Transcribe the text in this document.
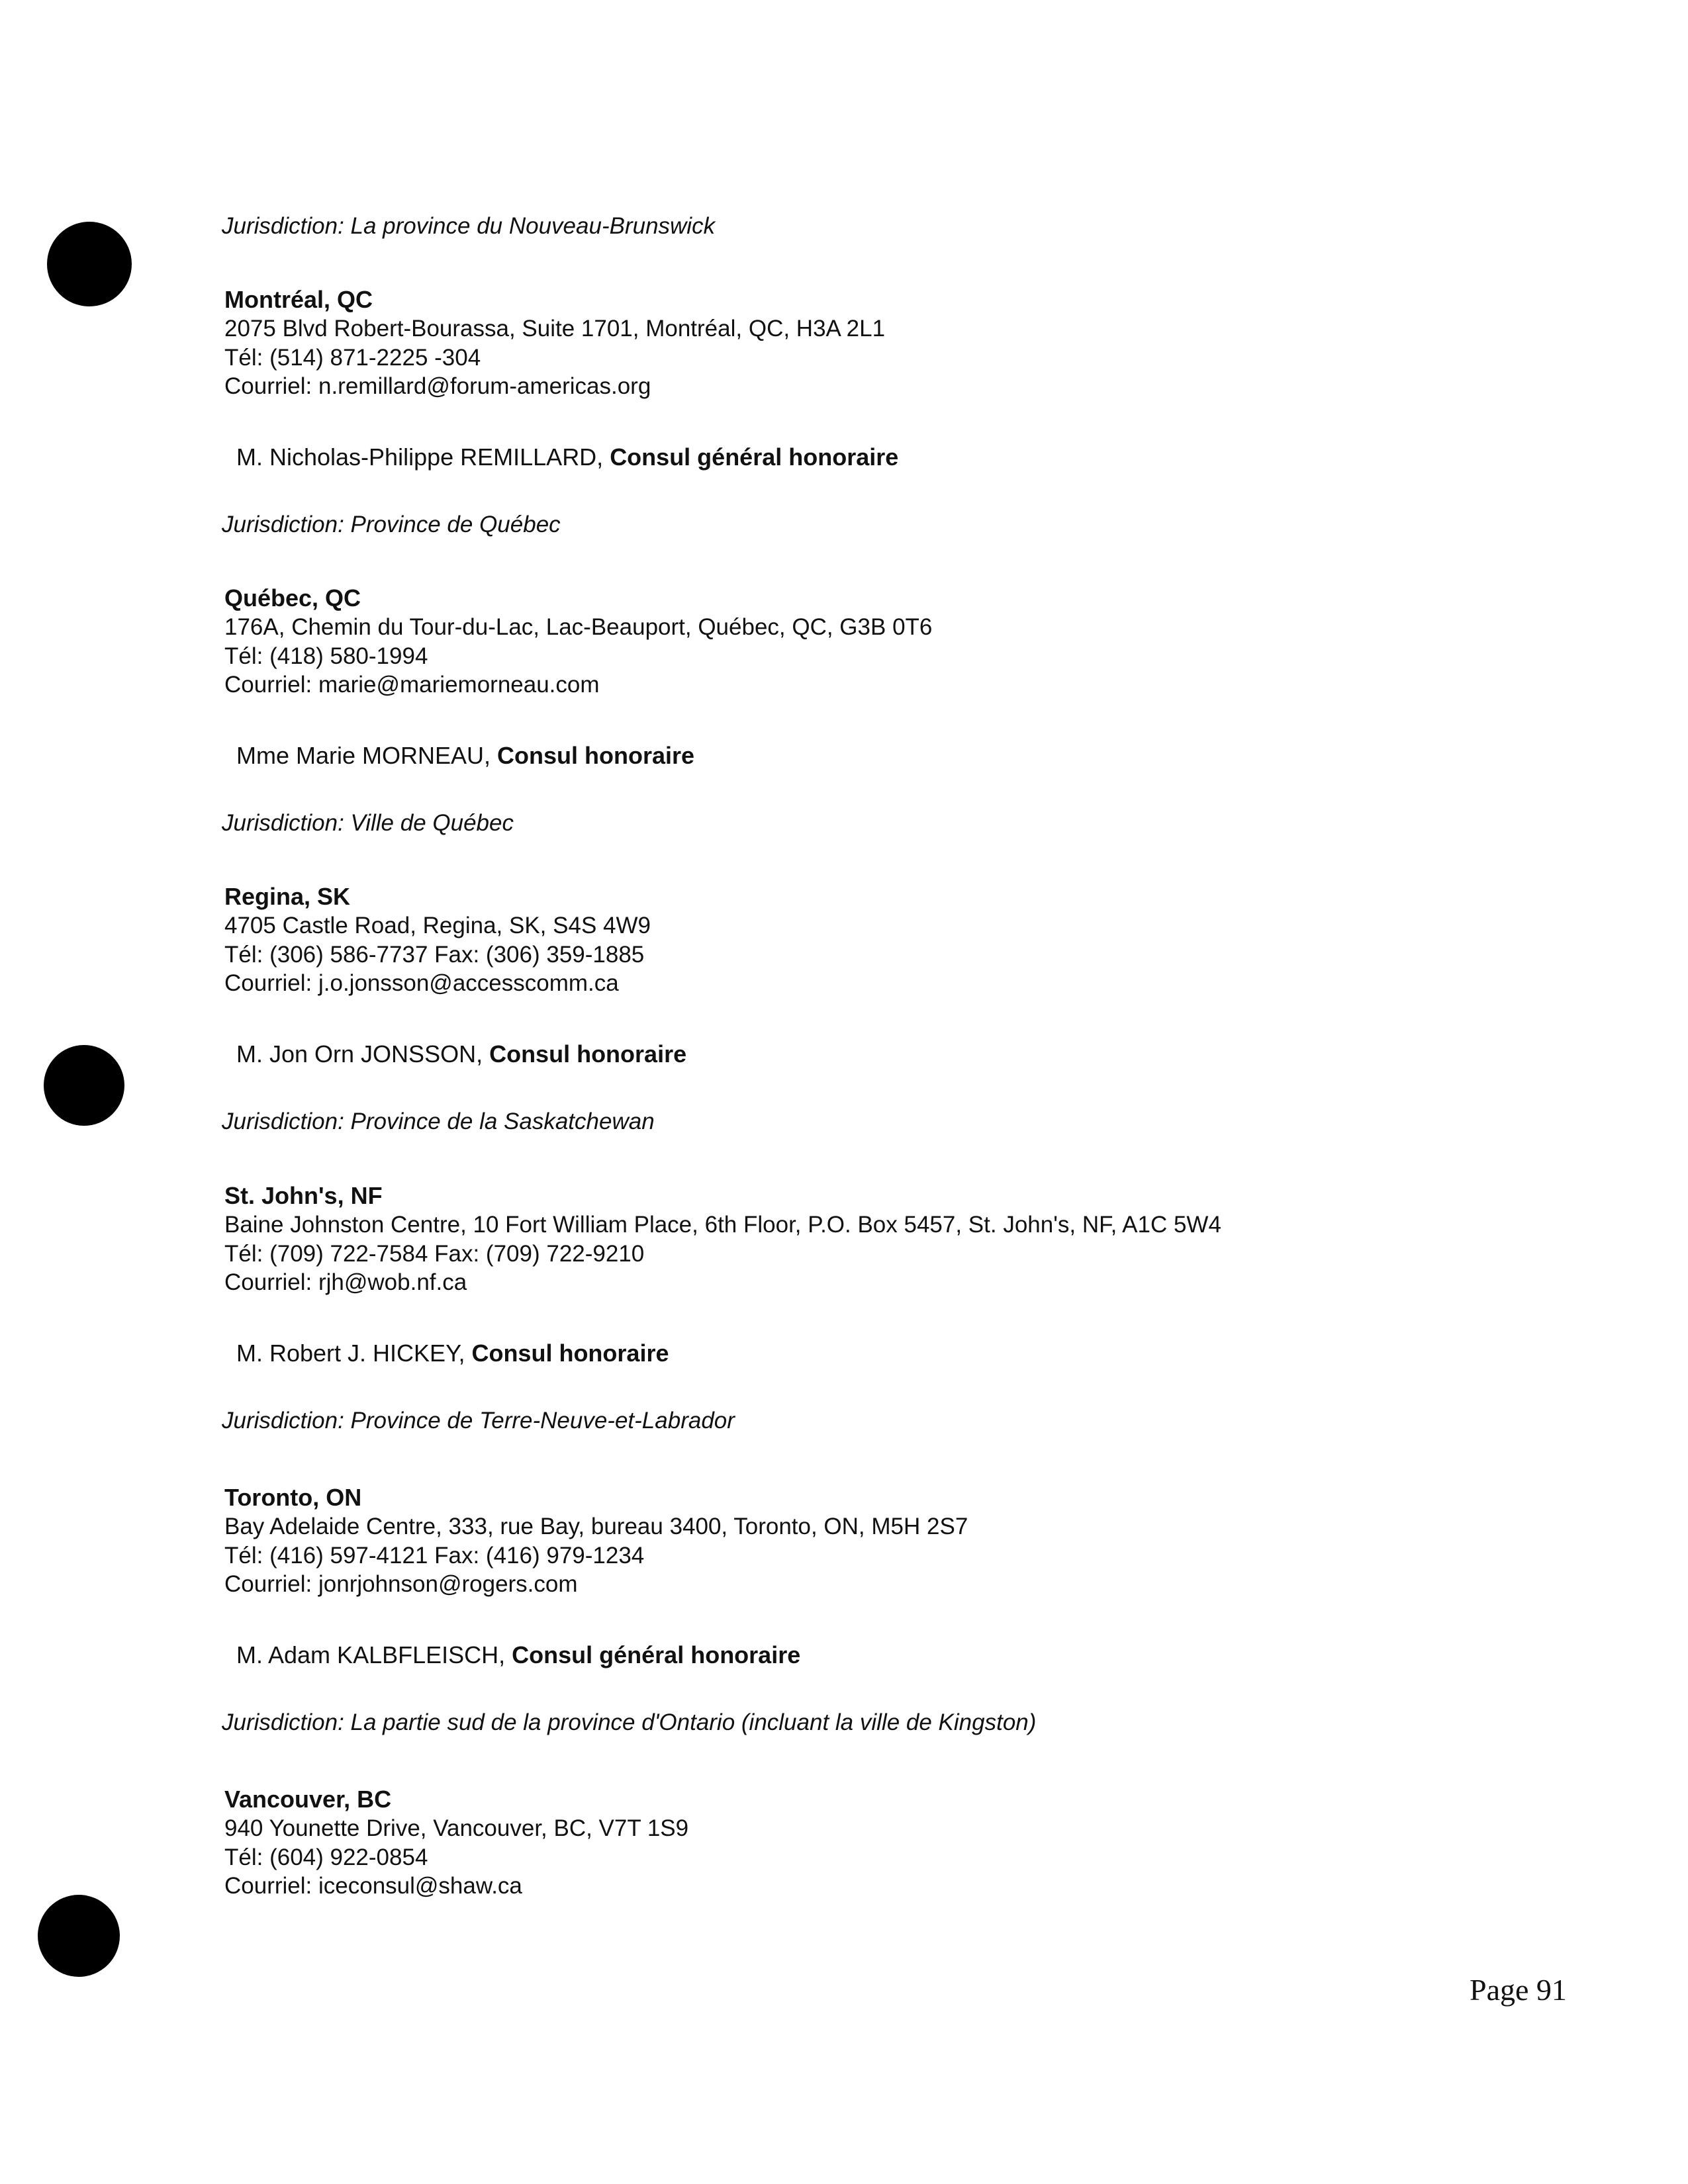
Jurisdiction: La province du Nouveau-Brunswick
Montréal, QC
2075 Blvd Robert-Bourassa, Suite 1701, Montréal, QC, H3A 2L1
Tél: (514) 871-2225 -304
Courriel: n.remillard@forum-americas.org
M. Nicholas-Philippe REMILLARD, Consul général honoraire
Jurisdiction: Province de Québec
Québec, QC
176A, Chemin du Tour-du-Lac, Lac-Beauport, Québec, QC, G3B 0T6
Tél: (418) 580-1994
Courriel: marie@mariemorneau.com
Mme Marie MORNEAU, Consul honoraire
Jurisdiction: Ville de Québec
Regina, SK
4705 Castle Road, Regina, SK, S4S 4W9
Tél: (306) 586-7737 Fax: (306) 359-1885
Courriel: j.o.jonsson@accesscomm.ca
M. Jon Orn JONSSON, Consul honoraire
Jurisdiction: Province de la Saskatchewan
St. John's, NF
Baine Johnston Centre, 10 Fort William Place, 6th Floor, P.O. Box 5457, St. John's, NF, A1C 5W4
Tél: (709) 722-7584 Fax: (709) 722-9210
Courriel: rjh@wob.nf.ca
M. Robert J. HICKEY, Consul honoraire
Jurisdiction: Province de Terre-Neuve-et-Labrador
Toronto, ON
Bay Adelaide Centre, 333, rue Bay, bureau 3400, Toronto, ON, M5H 2S7
Tél: (416) 597-4121 Fax: (416) 979-1234
Courriel: jonrjohnson@rogers.com
M. Adam KALBFLEISCH, Consul général honoraire
Jurisdiction: La partie sud de la province d'Ontario (incluant la ville de Kingston)
Vancouver, BC
940 Younette Drive, Vancouver, BC, V7T 1S9
Tél: (604) 922-0854
Courriel: iceconsul@shaw.ca
Page 91
